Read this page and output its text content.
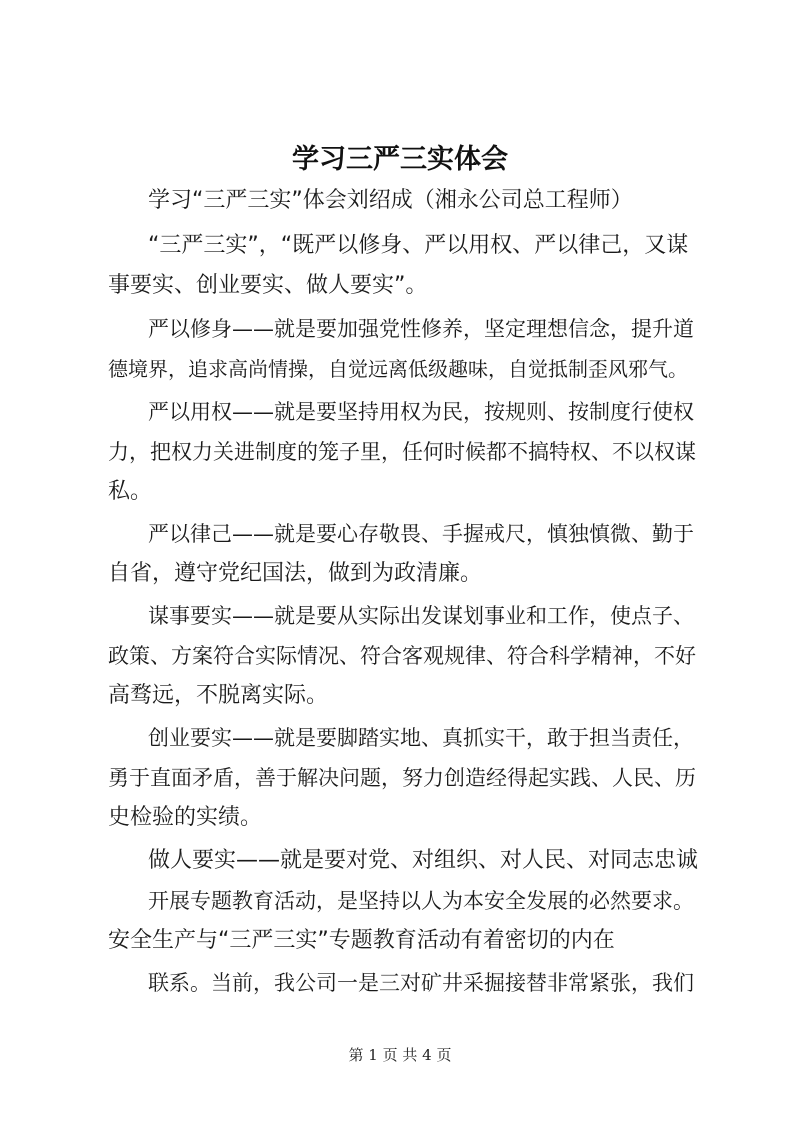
学习三严三实体会
学习“三严三实”体会刘绍成（湘永公司总工程师）
“三严三实”，“既严以修身、严以用权、严以律己，又谋
事要实、创业要实、做人要实”。
严以修身——就是要加强党性修养，坚定理想信念，提升道
德境界，追求高尚情操，自觉远离低级趣味，自觉抵制歪风邪气。
严以用权——就是要坚持用权为民，按规则、按制度行使权
力，把权力关进制度的笼子里，任何时候都不搞特权、不以权谋
私。
严以律己——就是要心存敬畏、手握戒尺，慎独慎微、勤于
自省，遵守党纪国法，做到为政清廉。
谋事要实——就是要从实际出发谋划事业和工作，使点子、
政策、方案符合实际情况、符合客观规律、符合科学精神，不好
高骛远，不脱离实际。
创业要实——就是要脚踏实地、真抓实干，敢于担当责任，
勇于直面矛盾，善于解决问题，努力创造经得起实践、人民、历
史检验的实绩。
做人要实——就是要对党、对组织、对人民、对同志忠诚
开展专题教育活动，是坚持以人为本安全发展的必然要求。
安全生产与“三严三实”专题教育活动有着密切的内在
联系。当前，我公司一是三对矿井采掘接替非常紧张，我们
第 1 页 共 4 页
